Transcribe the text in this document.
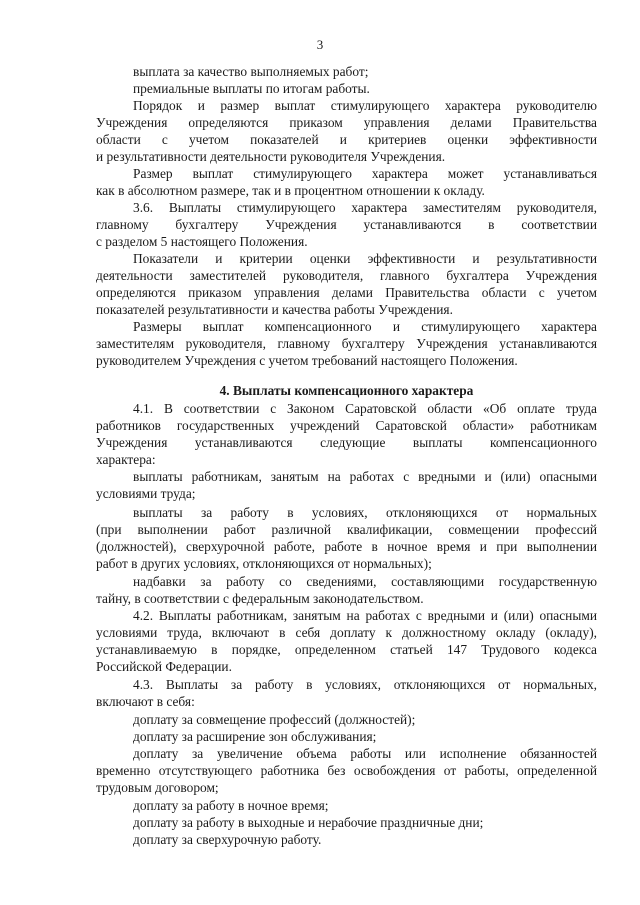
3
выплата за качество выполняемых работ;
премиальные выплаты по итогам работы.
Порядок и размер выплат стимулирующего характера руководителю
Учреждения определяются приказом управления делами Правительства
области с учетом показателей и критериев оценки эффективности
и результативности деятельности руководителя Учреждения.
Размер выплат стимулирующего характера может устанавливаться
как в абсолютном размере, так и в процентном отношении к окладу.
3.6. Выплаты стимулирующего характера заместителям руководителя,
главному бухгалтеру Учреждения устанавливаются в соответствии
с разделом 5 настоящего Положения.
Показатели и критерии оценки эффективности и результативности
деятельности заместителей руководителя, главного бухгалтера Учреждения
определяются приказом управления делами Правительства области с учетом
показателей результативности и качества работы Учреждения.
Размеры выплат компенсационного и стимулирующего характера
заместителям руководителя, главному бухгалтеру Учреждения устанавливаются
руководителем Учреждения с учетом требований настоящего Положения.
4. Выплаты компенсационного характера
4.1. В соответствии с Законом Саратовской области «Об оплате труда
работников государственных учреждений Саратовской области» работникам
Учреждения устанавливаются следующие выплаты компенсационного
характера:
выплаты работникам, занятым на работах с вредными и (или) опасными
условиями труда;
выплаты за работу в условиях, отклоняющихся от нормальных
(при выполнении работ различной квалификации, совмещении профессий
(должностей), сверхурочной работе, работе в ночное время и при выполнении
работ в других условиях, отклоняющихся от нормальных);
надбавки за работу со сведениями, составляющими государственную
тайну, в соответствии с федеральным законодательством.
4.2. Выплаты работникам, занятым на работах с вредными и (или) опасными
условиями труда, включают в себя доплату к должностному окладу (окладу),
устанавливаемую в порядке, определенном статьей 147 Трудового кодекса
Российской Федерации.
4.3. Выплаты за работу в условиях, отклоняющихся от нормальных,
включают в себя:
доплату за совмещение профессий (должностей);
доплату за расширение зон обслуживания;
доплату за увеличение объема работы или исполнение обязанностей
временно отсутствующего работника без освобождения от работы, определенной
трудовым договором;
доплату за работу в ночное время;
доплату за работу в выходные и нерабочие праздничные дни;
доплату за сверхурочную работу.
